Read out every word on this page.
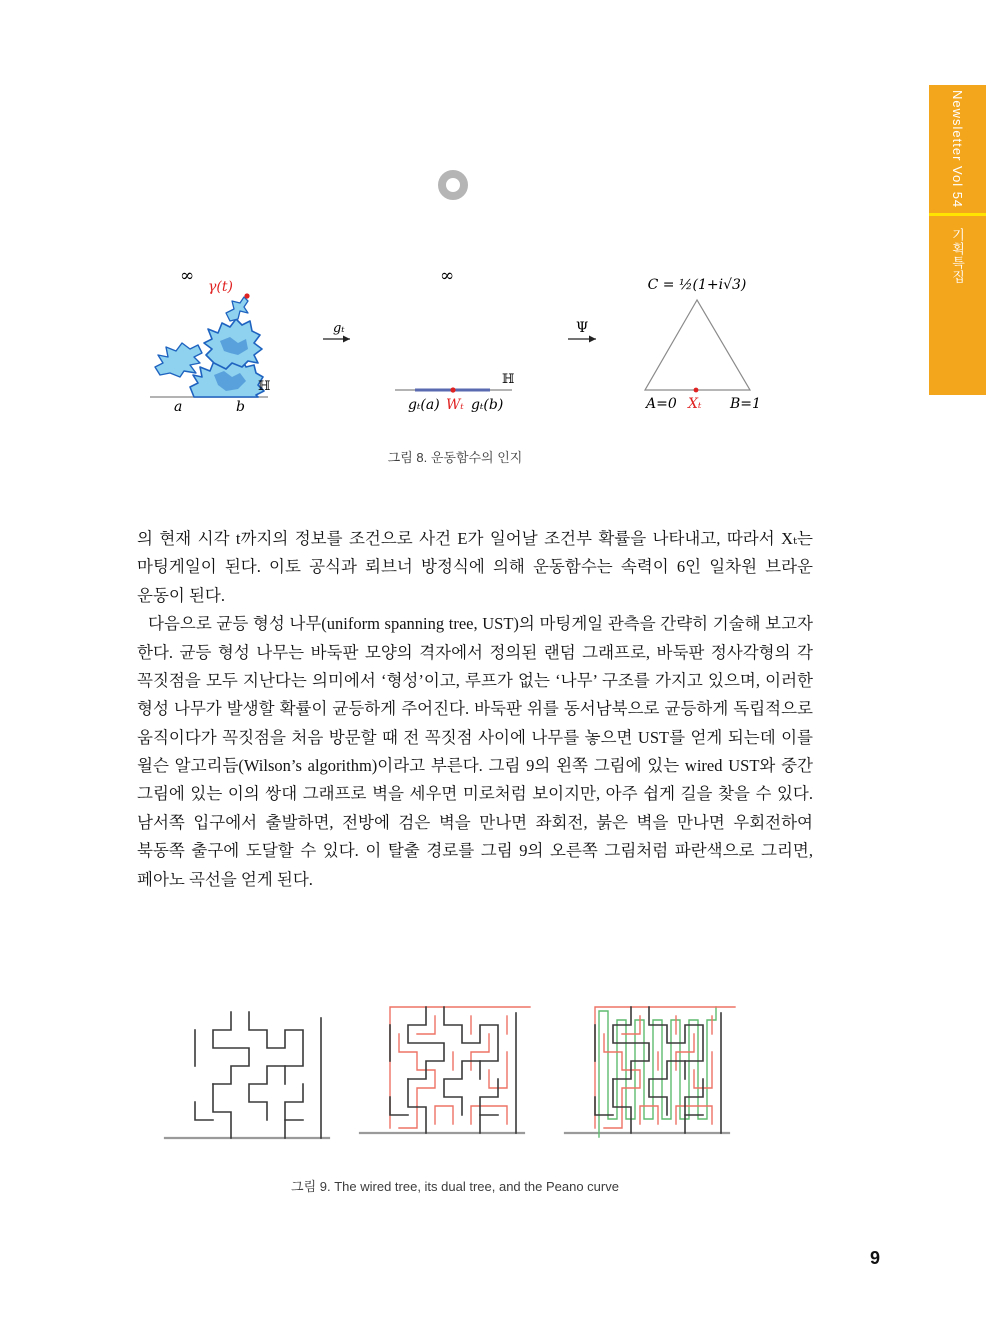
Newsletter Vol 54
기획특집
∞
γ(t)
ℍ
a	b
gₜ
∞
ℍ
gₜ(a) Wₜ gₜ(b)
Ψ
C = ½(1+i√3)
A=0 Xₜ B=1
그림 8. 운동함수의 인지

의 현재 시각 t까지의 정보를 조건으로 사건 E가 일어날 조건부 확률을 나타내고, 따라서 Xₜ는 마팅게일이 된다. 이토 공식과 뢰브너 방정식에 의해 운동함수는 속력이 6인 일차원 브라운 운동이 된다.

다음으로 균등 형성 나무(uniform spanning tree, UST)의 마팅게일 관측을 간략히 기술해 보고자 한다. 균등 형성 나무는 바둑판 모양의 격자에서 정의된 랜덤 그래프로, 바둑판 정사각형의 각 꼭짓점을 모두 지난다는 의미에서 ‘형성’이고, 루프가 없는 ‘나무’ 구조를 가지고 있으며, 이러한 형성 나무가 발생할 확률이 균등하게 주어진다. 바둑판 위를 동서남북으로 균등하게 독립적으로 움직이다가 꼭짓점을 처음 방문할 때 전 꼭짓점 사이에 나무를 놓으면 UST를 얻게 되는데 이를 윌슨 알고리듬(Wilson’s algorithm)이라고 부른다. 그림 9의 왼쪽 그림에 있는 wired UST와 중간 그림에 있는 이의 쌍대 그래프로 벽을 세우면 미로처럼 보이지만, 아주 쉽게 길을 찾을 수 있다. 남서쪽 입구에서 출발하면, 전방에 검은 벽을 만나면 좌회전, 붉은 벽을 만나면 우회전하여 북동쪽 출구에 도달할 수 있다. 이 탈출 경로를 그림 9의 오른쪽 그림처럼 파란색으로 그리면, 페아노 곡선을 얻게 된다.

그림 9. The wired tree, its dual tree, and the Peano curve
9
